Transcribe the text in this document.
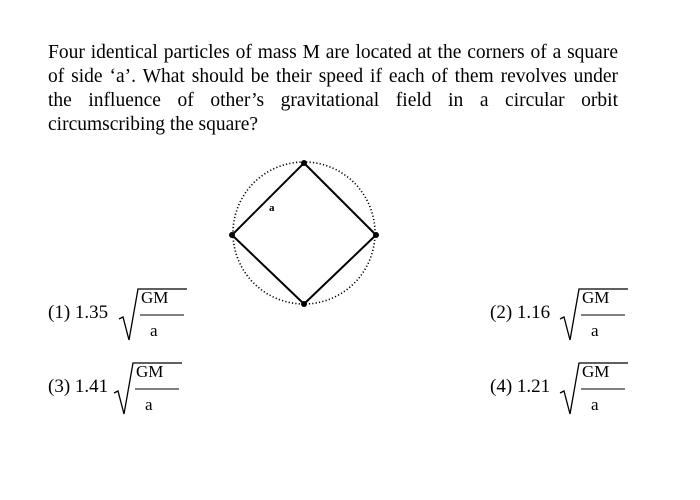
Four identical particles of mass M are located at the corners of a square of side ‘a’. What should be their speed if each of them revolves under the influence of other’s gravitational field in a circular orbit circumscribing the square?
a
(1) 1.35
GM
a
(2) 1.16
GM
a
(3) 1.41
GM
a
(4) 1.21
GM
a
